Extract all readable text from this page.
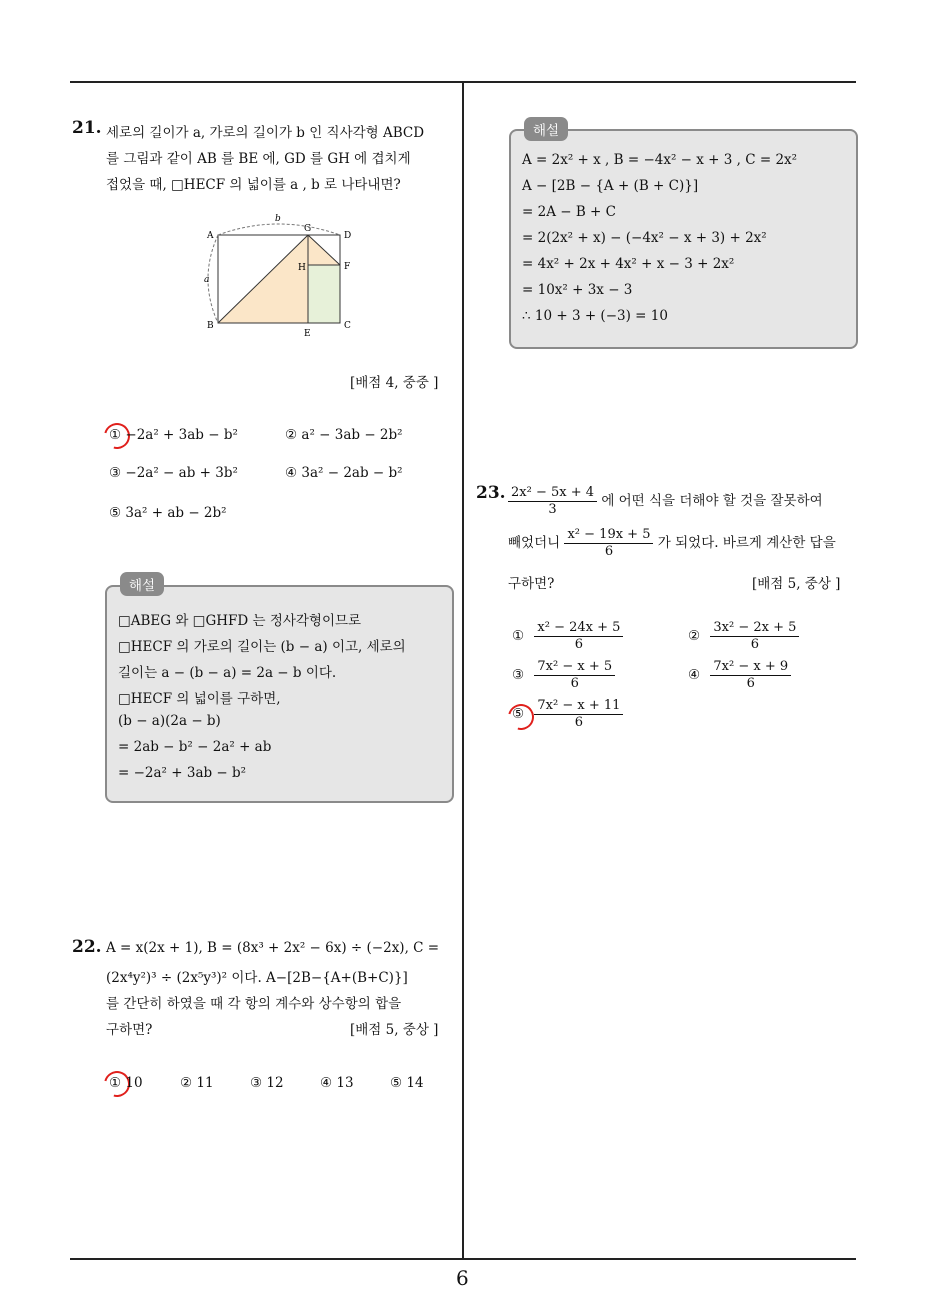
21. 세로의 길이가 a, 가로의 길이가 b 인 직사각형 ABCD
를 그림과 같이 AB 를 BE 에, GD 를 GH 에 겹치게
접었을 때, □HECF 의 넓이를 a , b 로 나타내면?
A
B	C
D
E
F
G
H
a
b
[배점 4, 중중 ]
① −2a² + 3ab − b²	② a² − 3ab − 2b²
③ −2a² − ab + 3b²	④ 3a² − 2ab − b²
⑤ 3a² + ab − 2b²
해설
□ABEG 와 □GHFD 는 정사각형이므로
□HECF 의 가로의 길이는 (b − a) 이고, 세로의
길이는 a − (b − a) = 2a − b 이다.
□HECF 의 넓이를 구하면,
(b − a)(2a − b)
= 2ab − b² − 2a² + ab
= −2a² + 3ab − b²
22. A = x(2x + 1), B = (8x³ + 2x² − 6x) ÷ (−2x), C =
(2x⁴y²)³ ÷ (2x⁵y³)² 이다. A−[2B−{A+(B+C)}]
를 간단히 하였을 때 각 항의 계수와 상수항의 합을
구하면?	[배점 5, 중상 ]
① 10	② 11	③ 12	④ 13	⑤ 14
해설
A = 2x² + x , B = −4x² − x + 3 , C = 2x²
A − [2B − {A + (B + C)}]
= 2A − B + C
= 2(2x² + x) − (−4x² − x + 3) + 2x²
= 4x² + 2x + 4x² + x − 3 + 2x²
= 10x² + 3x − 3
∴ 10 + 3 + (−3) = 10
23. $\frac{\text{2x² − 5x + 4}}{3}$ 에 어떤 식을 더해야 할 것을 잘못하여
빼었더니 $\frac{\text{x² − 19x + 5}}{6}$ 가 되었다. 바르게 계산한 답을
구하면?	[배점 5, 중상 ]
① $\frac{\text{x² − 24x + 5}}{6}$	② $\frac{\text{3x² − 2x + 5}}{6}$
③ $\frac{\text{7x² − x + 5}}{6}$	④ $\frac{\text{7x² − x + 9}}{6}$
⑤ $\frac{\text{7x² − x + 11}}{6}$
6
